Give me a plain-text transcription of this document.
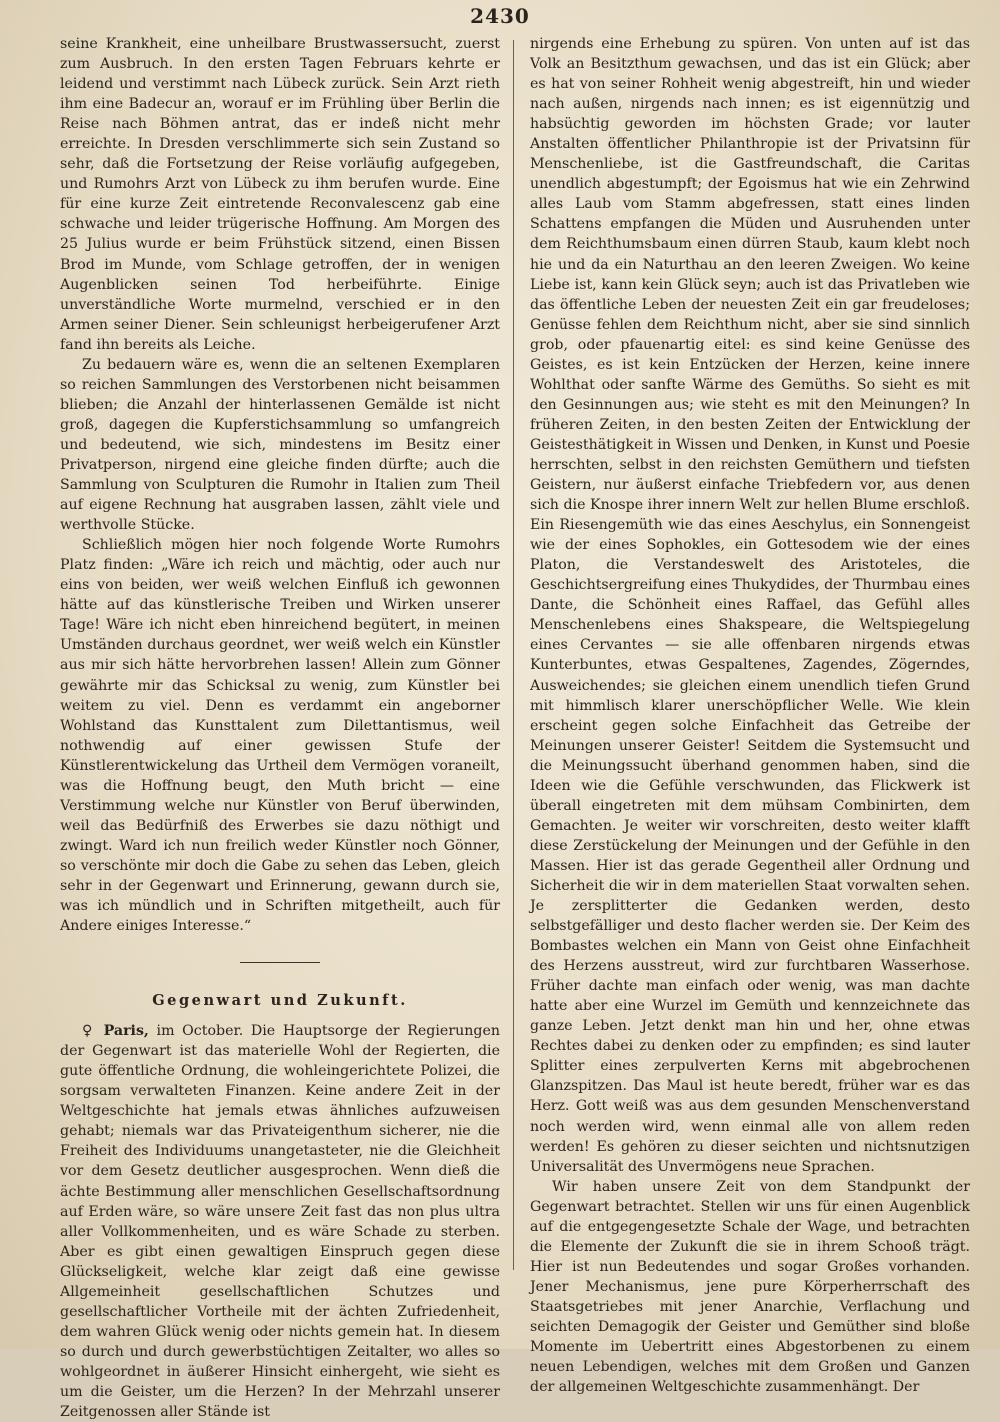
2430

seine Krankheit, eine unheilbare Brustwassersucht, zuerst zum Ausbruch. In den ersten Tagen Februars kehrte er leidend und verstimmt nach Lübeck zurück. Sein Arzt rieth ihm eine Badecur an, worauf er im Frühling über Berlin die Reise nach Böhmen antrat, das er indeß nicht mehr erreichte. In Dresden verschlimmerte sich sein Zustand so sehr, daß die Fortsetzung der Reise vorläufig aufgegeben, und Rumohrs Arzt von Lübeck zu ihm berufen wurde. Eine für eine kurze Zeit eintretende Reconvalescenz gab eine schwache und leider trügerische Hoffnung. Am Morgen des 25 Julius wurde er beim Frühstück sitzend, einen Bissen Brod im Munde, vom Schlage getroffen, der in wenigen Augenblicken seinen Tod herbeiführte. Einige unverständliche Worte murmelnd, verschied er in den Armen seiner Diener. Sein schleunigst herbeigerufener Arzt fand ihn bereits als Leiche.

Zu bedauern wäre es, wenn die an seltenen Exemplaren so reichen Sammlungen des Verstorbenen nicht beisammen blieben; die Anzahl der hinterlassenen Gemälde ist nicht groß, dagegen die Kupferstichsammlung so umfangreich und bedeutend, wie sich, mindestens im Besitz einer Privatperson, nirgend eine gleiche finden dürfte; auch die Sammlung von Sculpturen die Rumohr in Italien zum Theil auf eigene Rechnung hat ausgraben lassen, zählt viele und werthvolle Stücke.

Schließlich mögen hier noch folgende Worte Rumohrs Platz finden: „Wäre ich reich und mächtig, oder auch nur eins von beiden, wer weiß welchen Einfluß ich gewonnen hätte auf das künstlerische Treiben und Wirken unserer Tage! Wäre ich nicht eben hinreichend begütert, in meinen Umständen durchaus geordnet, wer weiß welch ein Künstler aus mir sich hätte hervorbrehen lassen! Allein zum Gönner gewährte mir das Schicksal zu wenig, zum Künstler bei weitem zu viel. Denn es verdammt ein angeborner Wohlstand das Kunsttalent zum Dilettantismus, weil nothwendig auf einer gewissen Stufe der Künstlerentwickelung das Urtheil dem Vermögen voraneilt, was die Hoffnung beugt, den Muth bricht — eine Verstimmung welche nur Künstler von Beruf überwinden, weil das Bedürfniß des Erwerbes sie dazu nöthigt und zwingt. Ward ich nun freilich weder Künstler noch Gönner, so verschönte mir doch die Gabe zu sehen das Leben, gleich sehr in der Gegenwart und Erinnerung, gewann durch sie, was ich mündlich und in Schriften mitgetheilt, auch für Andere einiges Interesse.“

Gegenwart und Zukunft.

♀ Paris, im October. Die Hauptsorge der Regierungen der Gegenwart ist das materielle Wohl der Regierten, die gute öffentliche Ordnung, die wohleingerichtete Polizei, die sorgsam verwalteten Finanzen. Keine andere Zeit in der Weltgeschichte hat jemals etwas ähnliches aufzuweisen gehabt; niemals war das Privateigenthum sicherer, nie die Freiheit des Individuums unangetasteter, nie die Gleichheit vor dem Gesetz deutlicher ausgesprochen. Wenn dieß die ächte Bestimmung aller menschlichen Gesellschaftsordnung auf Erden wäre, so wäre unsere Zeit fast das non plus ultra aller Vollkommenheiten, und es wäre Schade zu sterben. Aber es gibt einen gewaltigen Einspruch gegen diese Glückseligkeit, welche klar zeigt daß eine gewisse Allgemeinheit gesellschaftlichen Schutzes und gesellschaftlicher Vortheile mit der ächten Zufriedenheit, dem wahren Glück wenig oder nichts gemein hat. In diesem so durch und durch gewerbstüchtigen Zeitalter, wo alles so wohlgeordnet in äußerer Hinsicht einhergeht, wie sieht es um die Geister, um die Herzen? In der Mehrzahl unserer Zeitgenossen aller Stände ist

nirgends eine Erhebung zu spüren. Von unten auf ist das Volk an Besitzthum gewachsen, und das ist ein Glück; aber es hat von seiner Rohheit wenig abgestreift, hin und wieder nach außen, nirgends nach innen; es ist eigennützig und habsüchtig geworden im höchsten Grade; vor lauter Anstalten öffentlicher Philanthropie ist der Privatsinn für Menschenliebe, ist die Gastfreundschaft, die Caritas unendlich abgestumpft; der Egoismus hat wie ein Zehrwind alles Laub vom Stamm abgefressen, statt eines linden Schattens empfangen die Müden und Ausruhenden unter dem Reichthumsbaum einen dürren Staub, kaum klebt noch hie und da ein Naturthau an den leeren Zweigen. Wo keine Liebe ist, kann kein Glück seyn; auch ist das Privatleben wie das öffentliche Leben der neuesten Zeit ein gar freudeloses; Genüsse fehlen dem Reichthum nicht, aber sie sind sinnlich grob, oder pfauenartig eitel: es sind keine Genüsse des Geistes, es ist kein Entzücken der Herzen, keine innere Wohlthat oder sanfte Wärme des Gemüths. So sieht es mit den Gesinnungen aus; wie steht es mit den Meinungen? In früheren Zeiten, in den besten Zeiten der Entwicklung der Geistesthätigkeit in Wissen und Denken, in Kunst und Poesie herrschten, selbst in den reichsten Gemüthern und tiefsten Geistern, nur äußerst einfache Triebfedern vor, aus denen sich die Knospe ihrer innern Welt zur hellen Blume erschloß. Ein Riesengemüth wie das eines Aeschylus, ein Sonnengeist wie der eines Sophokles, ein Gottesodem wie der eines Platon, die Verstandeswelt des Aristoteles, die Geschichtsergreifung eines Thukydides, der Thurmbau eines Dante, die Schönheit eines Raffael, das Gefühl alles Menschenlebens eines Shakspeare, die Weltspiegelung eines Cervantes — sie alle offenbaren nirgends etwas Kunterbuntes, etwas Gespaltenes, Zagendes, Zögerndes, Ausweichendes; sie gleichen einem unendlich tiefen Grund mit himmlisch klarer unerschöpflicher Welle. Wie klein erscheint gegen solche Einfachheit das Getreibe der Meinungen unserer Geister! Seitdem die Systemsucht und die Meinungssucht überhand genommen haben, sind die Ideen wie die Gefühle verschwunden, das Flickwerk ist überall eingetreten mit dem mühsam Combinirten, dem Gemachten. Je weiter wir vorschreiten, desto weiter klafft diese Zerstückelung der Meinungen und der Gefühle in den Massen. Hier ist das gerade Gegentheil aller Ordnung und Sicherheit die wir in dem materiellen Staat vorwalten sehen. Je zersplitterter die Gedanken werden, desto selbstgefälliger und desto flacher werden sie. Der Keim des Bombastes welchen ein Mann von Geist ohne Einfachheit des Herzens ausstreut, wird zur furchtbaren Wasserhose. Früher dachte man einfach oder wenig, was man dachte hatte aber eine Wurzel im Gemüth und kennzeichnete das ganze Leben. Jetzt denkt man hin und her, ohne etwas Rechtes dabei zu denken oder zu empfinden; es sind lauter Splitter eines zerpulverten Kerns mit abgebrochenen Glanzspitzen. Das Maul ist heute beredt, früher war es das Herz. Gott weiß was aus dem gesunden Menschenverstand noch werden wird, wenn einmal alle von allem reden werden! Es gehören zu dieser seichten und nichtsnutzigen Universalität des Unvermögens neue Sprachen.

Wir haben unsere Zeit von dem Standpunkt der Gegenwart betrachtet. Stellen wir uns für einen Augenblick auf die entgegengesetzte Schale der Wage, und betrachten die Elemente der Zukunft die sie in ihrem Schooß trägt. Hier ist nun Bedeutendes und sogar Großes vorhanden. Jener Mechanismus, jene pure Körperherrschaft des Staatsgetriebes mit jener Anarchie, Verflachung und seichten Demagogik der Geister und Gemüther sind bloße Momente im Uebertritt eines Abgestorbenen zu einem neuen Lebendigen, welches mit dem Großen und Ganzen der allgemeinen Weltgeschichte zusammenhängt. Der
